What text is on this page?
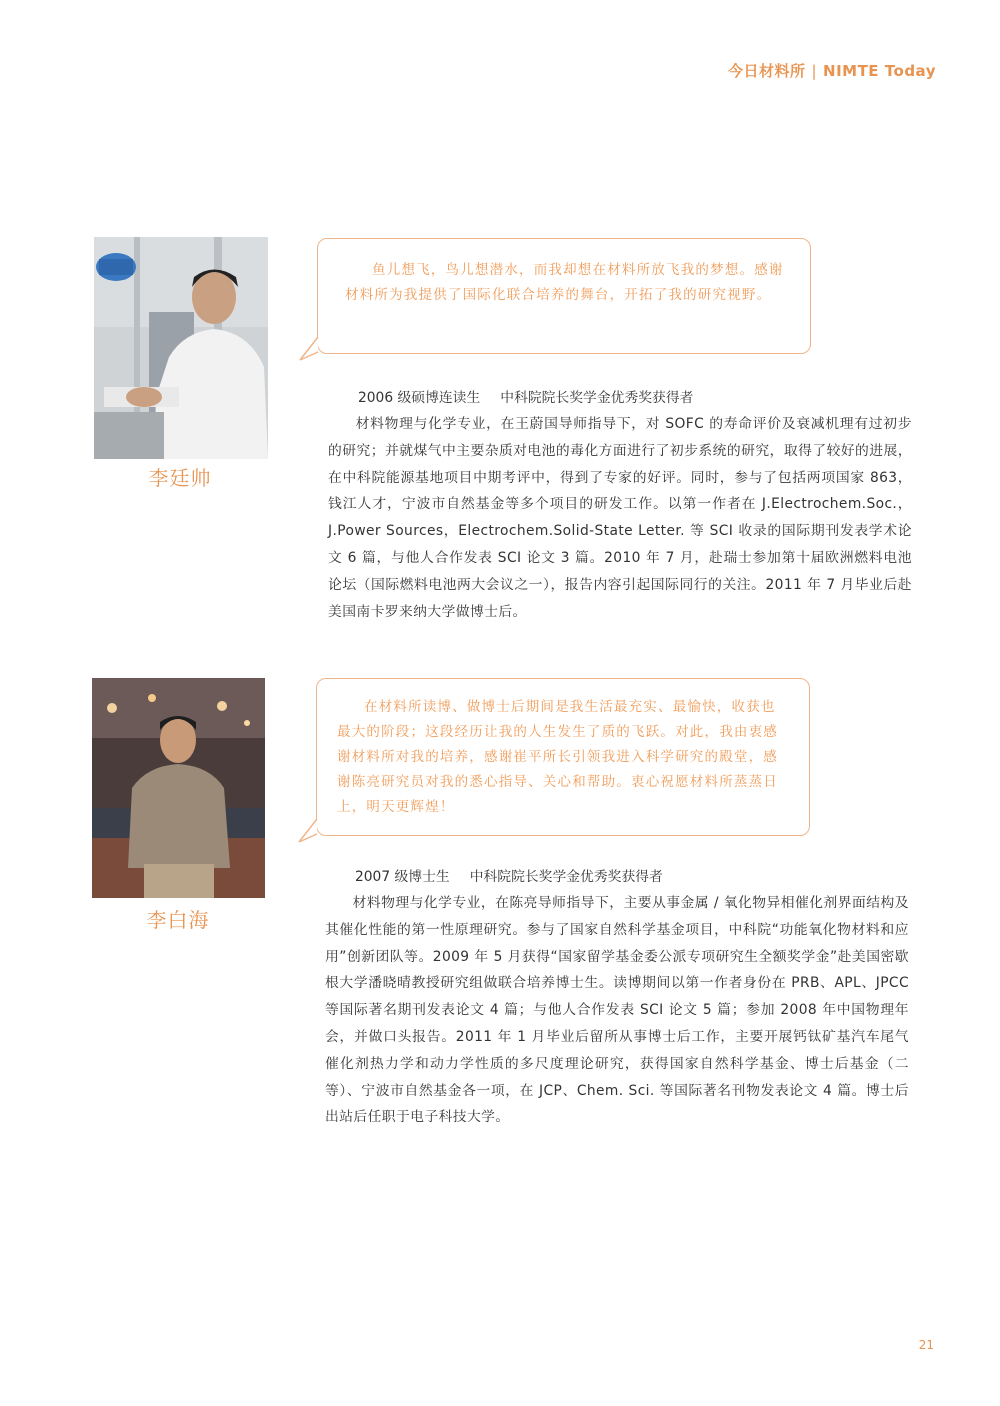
今日材料所 | NIMTE Today
李廷帅
鱼儿想飞，鸟儿想潜水，而我却想在材料所放飞我的梦想。感谢材料所为我提供了国际化联合培养的舞台，开拓了我的研究视野。
2006 级硕博连读生 中科院院长奖学金优秀奖获得者
材料物理与化学专业，在王蔚国导师指导下，对 SOFC 的寿命评价及衰减机理有过初步的研究；并就煤气中主要杂质对电池的毒化方面进行了初步系统的研究，取得了较好的进展，在中科院能源基地项目中期考评中，得到了专家的好评。同时，参与了包括两项国家 863，钱江人才，宁波市自然基金等多个项目的研发工作。以第一作者在 J.Electrochem.Soc.，J.Power Sources，Electrochem.Solid-State Letter. 等 SCI 收录的国际期刊发表学术论文 6 篇，与他人合作发表 SCI 论文 3 篇。2010 年 7 月，赴瑞士参加第十届欧洲燃料电池论坛（国际燃料电池两大会议之一），报告内容引起国际同行的关注。2011 年 7 月毕业后赴美国南卡罗来纳大学做博士后。
李白海
在材料所读博、做博士后期间是我生活最充实、最愉快，收获也最大的阶段；这段经历让我的人生发生了质的飞跃。对此，我由衷感谢材料所对我的培养，感谢崔平所长引领我进入科学研究的殿堂，感谢陈亮研究员对我的悉心指导、关心和帮助。衷心祝愿材料所蒸蒸日上，明天更辉煌！
2007 级博士生 中科院院长奖学金优秀奖获得者
材料物理与化学专业，在陈亮导师指导下，主要从事金属 / 氧化物异相催化剂界面结构及其催化性能的第一性原理研究。参与了国家自然科学基金项目，中科院“功能氧化物材料和应用”创新团队等。2009 年 5 月获得“国家留学基金委公派专项研究生全额奖学金”赴美国密歇根大学潘晓晴教授研究组做联合培养博士生。读博期间以第一作者身份在 PRB、APL、JPCC 等国际著名期刊发表论文 4 篇；与他人合作发表 SCI 论文 5 篇；参加 2008 年中国物理年会，并做口头报告。2011 年 1 月毕业后留所从事博士后工作，主要开展钙钛矿基汽车尾气催化剂热力学和动力学性质的多尺度理论研究，获得国家自然科学基金、博士后基金（二等）、宁波市自然基金各一项，在 JCP、Chem. Sci. 等国际著名刊物发表论文 4 篇。博士后出站后任职于电子科技大学。
21
